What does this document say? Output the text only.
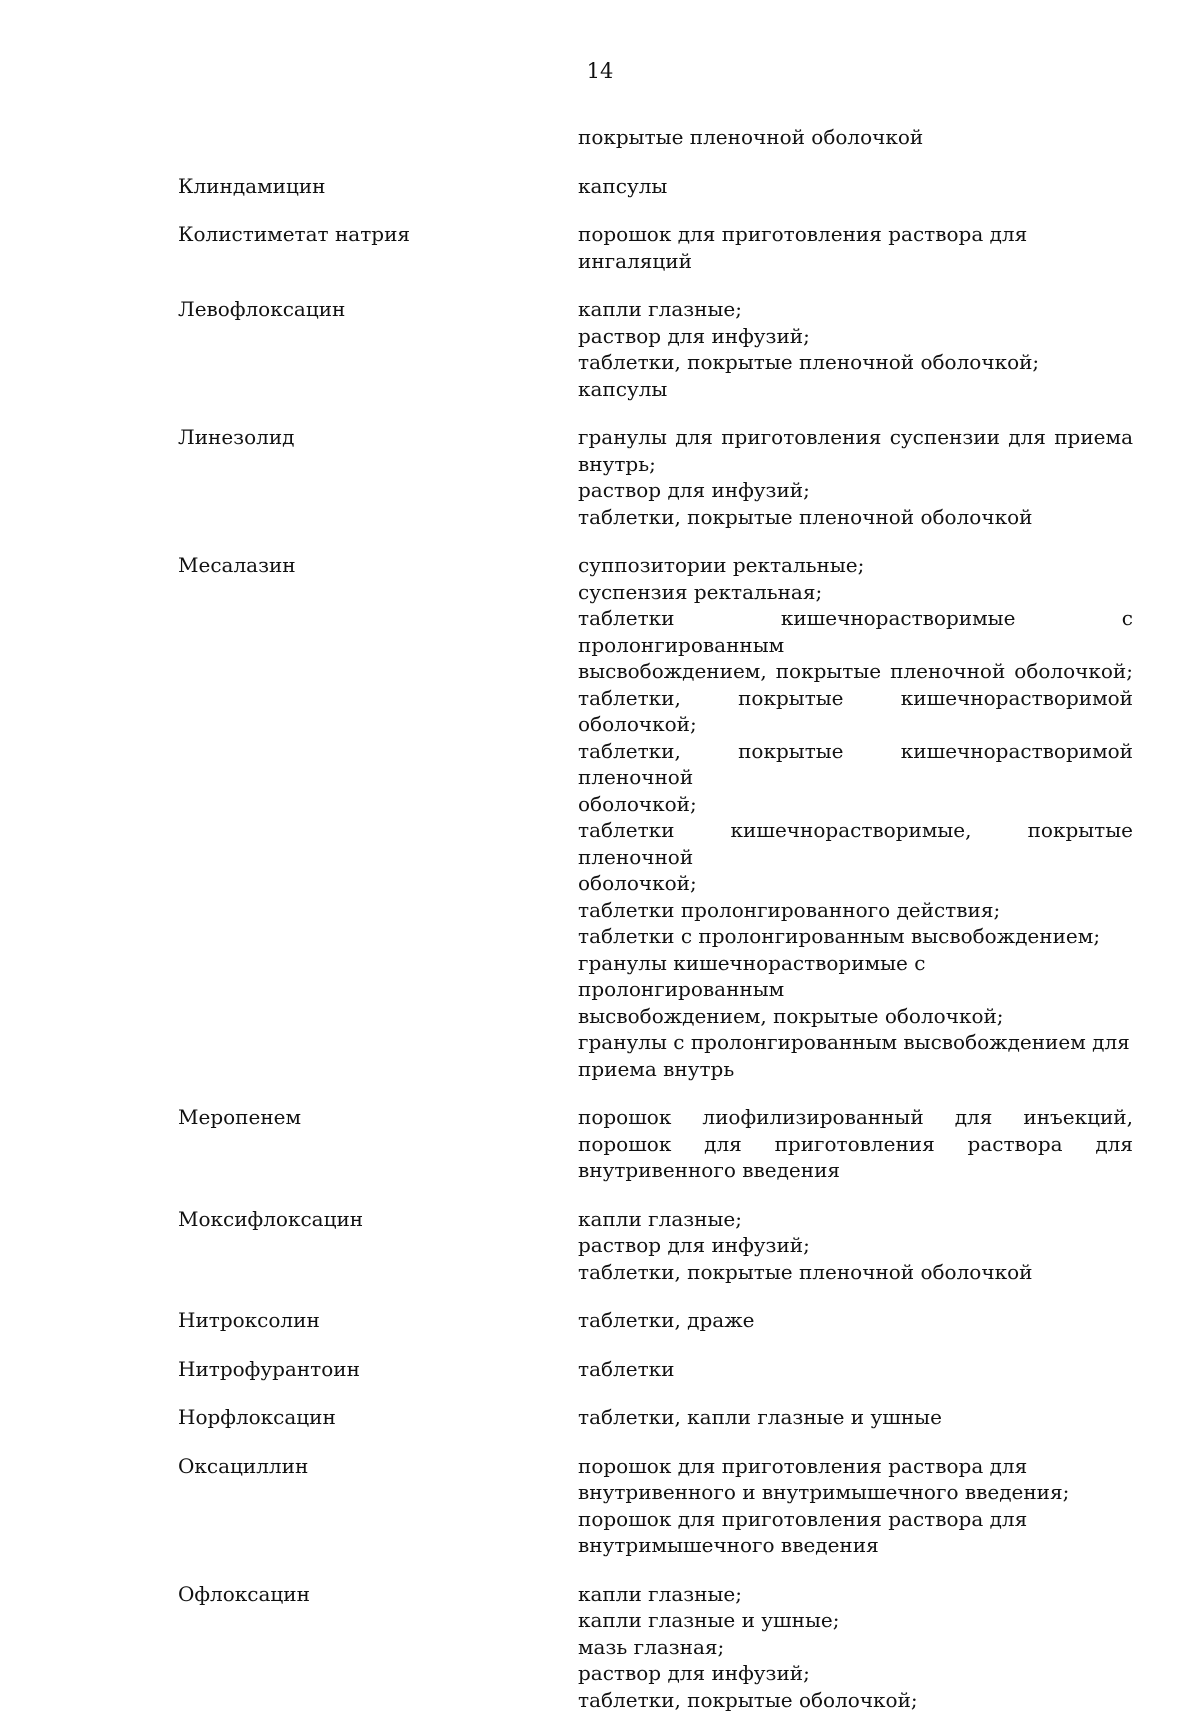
14
покрытые пленочной оболочкой
Клиндамицин	капсулы
Колистиметат натрия	порошок для приготовления раствора для ингаляций
Левофлоксацин	капли глазные;
раствор для инфузий;
таблетки, покрытые пленочной оболочкой;
капсулы
Линезолид	гранулы для приготовления суспензии для приема
внутрь;
раствор для инфузий;
таблетки, покрытые пленочной оболочкой
Месалазин	суппозитории ректальные;
суспензия ректальная;
таблетки кишечнорастворимые с пролонгированным
высвобождением, покрытые пленочной оболочкой;
таблетки, покрытые кишечнорастворимой оболочкой;
таблетки, покрытые кишечнорастворимой пленочной
оболочкой;
таблетки кишечнорастворимые, покрытые пленочной
оболочкой;
таблетки пролонгированного действия;
таблетки с пролонгированным высвобождением;
гранулы кишечнорастворимые с пролонгированным
высвобождением, покрытые оболочкой;
гранулы с пролонгированным высвобождением для
приема внутрь
Меропенем	порошок лиофилизированный для инъекций,
порошок для приготовления раствора для
внутривенного введения
Моксифлоксацин	капли глазные;
раствор для инфузий;
таблетки, покрытые пленочной оболочкой
Нитроксолин	таблетки, драже
Нитрофурантоин	таблетки
Норфлоксацин	таблетки, капли глазные и ушные
Оксациллин	порошок для приготовления раствора для
внутривенного и внутримышечного введения;
порошок для приготовления раствора для
внутримышечного введения
Офлоксацин	капли глазные;
капли глазные и ушные;
мазь глазная;
раствор для инфузий;
таблетки, покрытые оболочкой;
